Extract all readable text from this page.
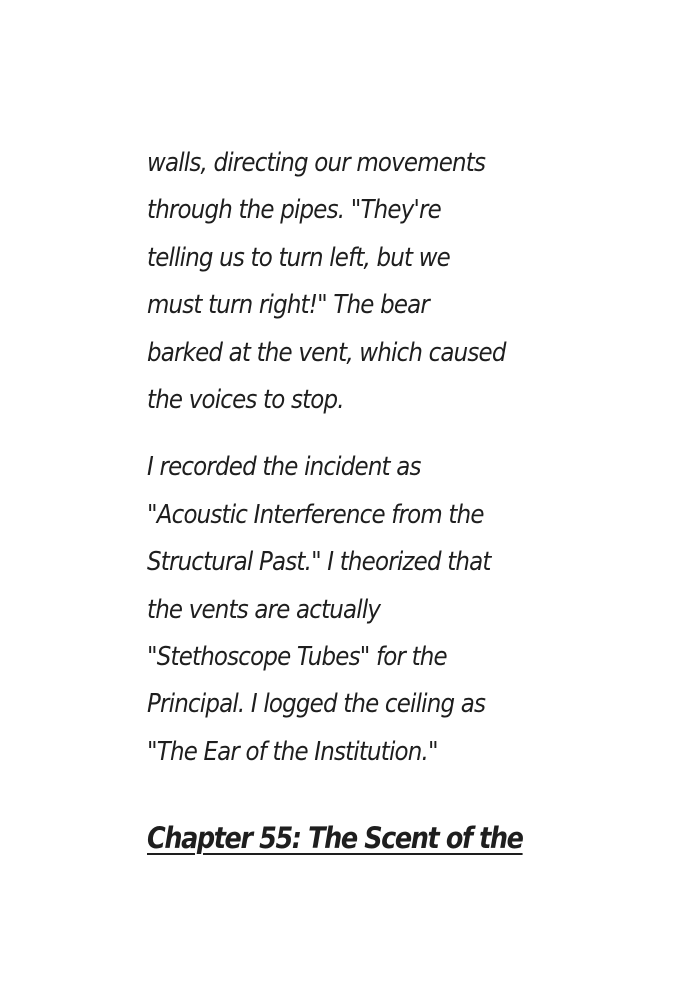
walls, directing our movements
through the pipes. "They're
telling us to turn left, but we
must turn right!" The bear
barked at the vent, which caused
the voices to stop.

I recorded the incident as
"Acoustic Interference from the
Structural Past." I theorized that
the vents are actually
"Stethoscope Tubes" for the
Principal. I logged the ceiling as
"The Ear of the Institution."

Chapter 55: The Scent of the
